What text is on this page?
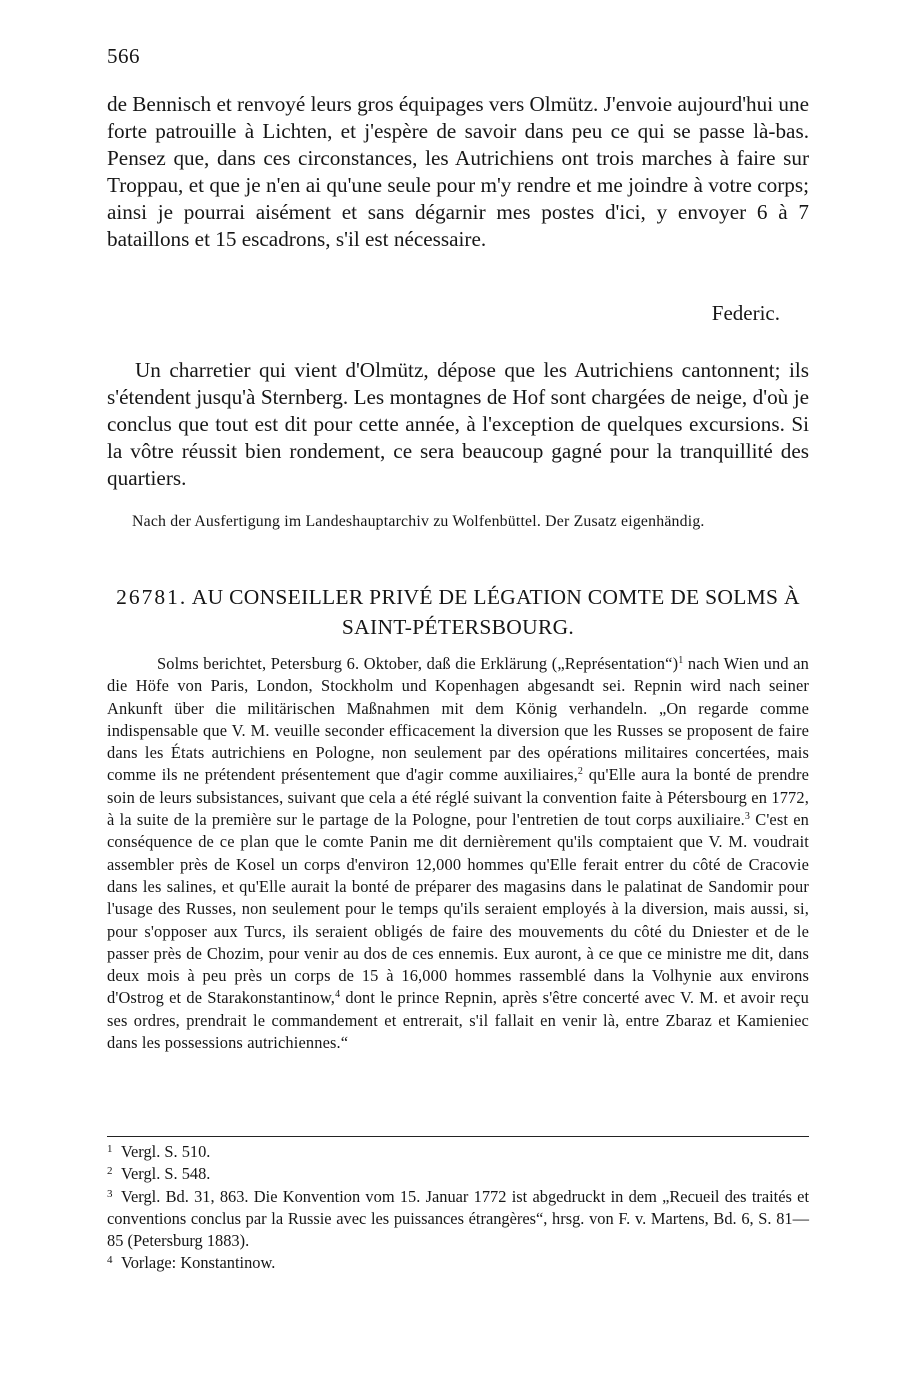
566

de Bennisch et renvoyé leurs gros équipages vers Olmütz. J'envoie aujourd'hui une forte patrouille à Lichten, et j'espère de savoir dans peu ce qui se passe là-bas. Pensez que, dans ces circonstances, les Autrichiens ont trois marches à faire sur Troppau, et que je n'en ai qu'une seule pour m'y rendre et me joindre à votre corps; ainsi je pourrai aisément et sans dégarnir mes postes d'ici, y envoyer 6 à 7 bataillons et 15 escadrons, s'il est nécessaire.

Federic.
Un charretier qui vient d'Olmütz, dépose que les Autrichiens cantonnent; ils s'étendent jusqu'à Sternberg. Les montagnes de Hof sont chargées de neige, d'où je conclus que tout est dit pour cette année, à l'exception de quelques excursions. Si la vôtre réussit bien rondement, ce sera beaucoup gagné pour la tranquillité des quartiers.
Nach der Ausfertigung im Landeshauptarchiv zu Wolfenbüttel. Der Zusatz eigenhändig.
26781. AU CONSEILLER PRIVÉ DE LÉGATION COMTE DE SOLMS À SAINT-PÉTERSBOURG.
Solms berichtet, Petersburg 6. Oktober, daß die Erklärung („Représentation“)$^1$ nach Wien und an die Höfe von Paris, London, Stockholm und Kopenhagen abgesandt sei. Repnin wird nach seiner Ankunft über die militärischen Maßnahmen mit dem König verhandeln. „On regarde comme indispensable que V. M. veuille seconder efficacement la diversion que les Russes se proposent de faire dans les États autrichiens en Pologne, non seulement par des opérations militaires concertées, mais comme ils ne prétendent présentement que d'agir comme auxiliaires,$^2$ qu'Elle aura la bonté de prendre soin de leurs subsistances, suivant que cela a été réglé suivant la convention faite à Pétersbourg en 1772, à la suite de la première sur le partage de la Pologne, pour l'entretien de tout corps auxiliaire.$^3$ C'est en conséquence de ce plan que le comte Panin me dit dernièrement qu'ils comptaient que V. M. voudrait assembler près de Kosel un corps d'environ 12,000 hommes qu'Elle ferait entrer du côté de Cracovie dans les salines, et qu'Elle aurait la bonté de préparer des magasins dans le palatinat de Sandomir pour l'usage des Russes, non seulement pour le temps qu'ils seraient employés à la diversion, mais aussi, si, pour s'opposer aux Turcs, ils seraient obligés de faire des mouvements du côté du Dniester et de le passer près de Chozim, pour venir au dos de ces ennemis. Eux auront, à ce que ce ministre me dit, dans deux mois à peu près un corps de 15 à 16,000 hommes rassemblé dans la Volhynie aux environs d'Ostrog et de Starakonstantinow,$^4$ dont le prince Repnin, après s'être concerté avec V. M. et avoir reçu ses ordres, prendrait le commandement et entrerait, s'il fallait en venir là, entre Zbaraz et Kamieniec dans les possessions autrichiennes.“
1 Vergl. S. 510.
2 Vergl. S. 548.
3 Vergl. Bd. 31, 863. Die Konvention vom 15. Januar 1772 ist abgedruckt in dem „Recueil des traités et conventions conclus par la Russie avec les puissances étrangères“, hrsg. von F. v. Martens, Bd. 6, S. 81—85 (Petersburg 1883).
4 Vorlage: Konstantinow.
